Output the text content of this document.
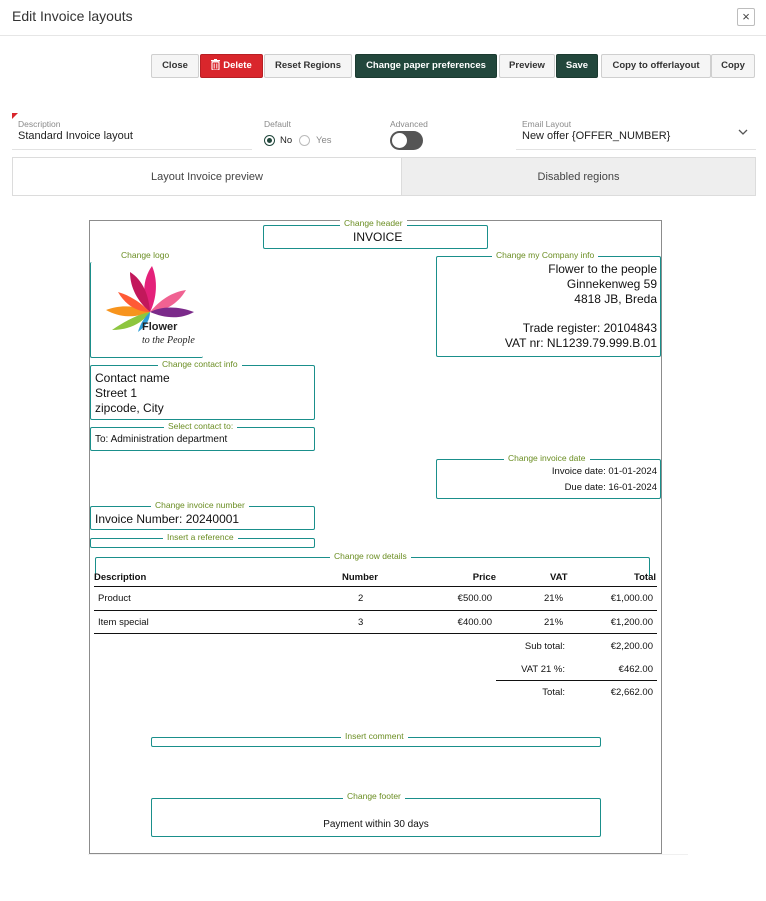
Edit Invoice layouts	×
Close	Delete	Reset Regions	Change paper preferences	Preview	Save	Copy to offerlayout	Copy
Description
Standard Invoice layout
Default
No	Yes
Advanced	Email Layout
New offer {OFFER_NUMBER}
Layout Invoice preview	Disabled regions
Change header
INVOICE
Change logo
Flower
to the People
Change my Company info
Flower to the people
Ginnekenweg 59
4818 JB, Breda
Trade register: 20104843
VAT nr: NL1239.79.999.B.01
Change contact info
Contact name
Street 1
zipcode, City
Select contact to:
To: Administration department
Change invoice date
Invoice date: 01-01-2024
Due date: 16-01-2024
Change invoice number
Invoice Number: 20240001
Insert a reference
Change row details
Description	Number	Price	VAT	Total
Product	2	€500.00	21%	€1,000.00
Item special	3	€400.00	21%	€1,200.00
Sub total:	€2,200.00
VAT 21 %:	€462.00
Total:	€2,662.00
Insert comment
Change footer
Payment within 30 days
